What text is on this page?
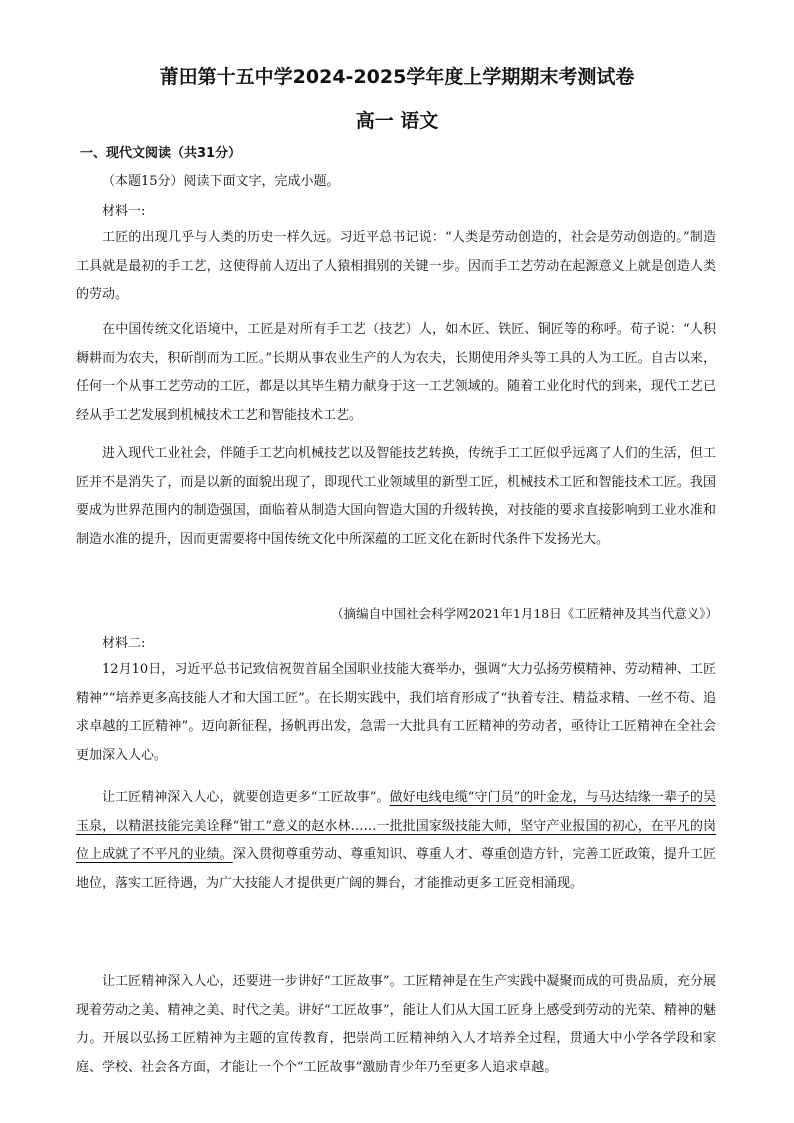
莆田第十五中学2024-2025学年度上学期期末考测试卷
高一 语文
一、现代文阅读（共31分）
（本题15分）阅读下面文字，完成小题。
材料一:
工匠的出现几乎与人类的历史一样久远。习近平总书记说：“人类是劳动创造的，社会是劳动创造的。”制造工具就是最初的手工艺，这使得前人迈出了人猿相揖别的关键一步。因而手工艺劳动在起源意义上就是创造人类的劳动。
在中国传统文化语境中，工匠是对所有手工艺（技艺）人，如木匠、铁匠、铜匠等的称呼。荀子说：“人积耨耕而为农夫，积斫削而为工匠。”长期从事农业生产的人为农夫，长期使用斧头等工具的人为工匠。自古以来，任何一个从事工艺劳动的工匠，都是以其毕生精力献身于这一工艺领域的。随着工业化时代的到来，现代工艺已经从手工艺发展到机械技术工艺和智能技术工艺。
进入现代工业社会，伴随手工艺向机械技艺以及智能技艺转换，传统手工工匠似乎远离了人们的生活，但工匠并不是消失了，而是以新的面貌出现了，即现代工业领域里的新型工匠，机械技术工匠和智能技术工匠。我国要成为世界范围内的制造强国，面临着从制造大国向智造大国的升级转换，对技能的要求直接影响到工业水准和制造水准的提升，因而更需要将中国传统文化中所深蕴的工匠文化在新时代条件下发扬光大。
（摘编自中国社会科学网2021年1月18日《工匠精神及其当代意义》）
材料二:
12月10日，习近平总书记致信祝贺首届全国职业技能大赛举办，强调“大力弘扬劳模精神、劳动精神、工匠精神”“培养更多高技能人才和大国工匠”。在长期实践中，我们培育形成了“执着专注、精益求精、一丝不苟、追求卓越的工匠精神”。迈向新征程，扬帆再出发，急需一大批具有工匠精神的劳动者，亟待让工匠精神在全社会更加深入人心。
让工匠精神深入人心，就要创造更多“工匠故事”。做好电线电缆“守门员”的叶金龙，与马达结缘一辈子的吴玉泉，以精湛技能完美诠释“钳工”意义的赵水林……一批批国家级技能大师，坚守产业报国的初心，在平凡的岗位上成就了不平凡的业绩。深入贯彻尊重劳动、尊重知识、尊重人才、尊重创造方针，完善工匠政策，提升工匠地位，落实工匠待遇，为广大技能人才提供更广阔的舞台，才能推动更多工匠竞相涌现。
让工匠精神深入人心，还要进一步讲好“工匠故事”。工匠精神是在生产实践中凝聚而成的可贵品质，充分展现着劳动之美、精神之美、时代之美。讲好“工匠故事”，能让人们从大国工匠身上感受到劳动的光荣、精神的魅力。开展以弘扬工匠精神为主题的宣传教育，把崇尚工匠精神纳入人才培养全过程，贯通大中小学各学段和家庭、学校、社会各方面，才能让一个个“工匠故事”激励青少年乃至更多人追求卓越。
